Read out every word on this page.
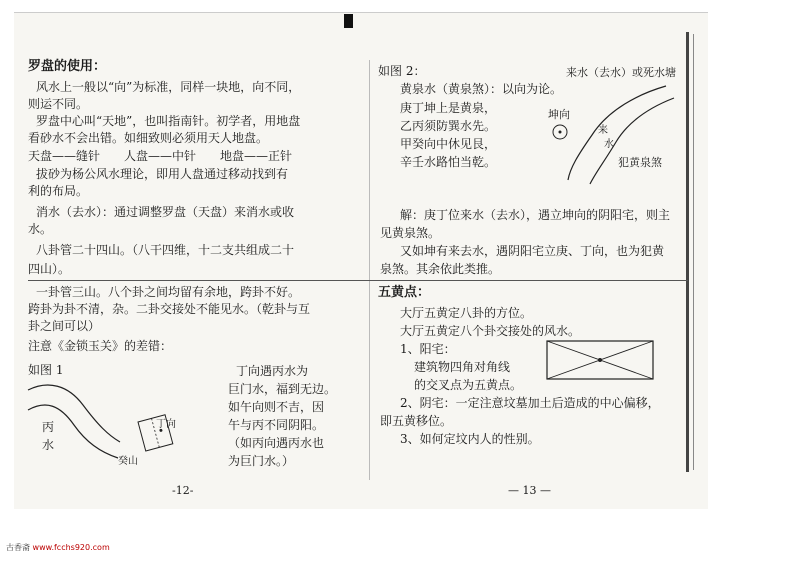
罗盘的使用：
风水上一般以“向”为标准，同样一块地，向不同，
则运不同。
罗盘中心叫“天地”，也叫指南针。初学者，用地盘
看砂水不会出错。如细致则必须用天人地盘。
天盘——缝针　　人盘——中针　　地盘——正针
拔砂为杨公风水理论，即用人盘通过移动找到有
利的布局。
消水（去水）：通过调整罗盘（天盘）来消水或收
水。
八卦管二十四山。（八干四维，十二支共组成二十
四山）。
一卦管三山。八个卦之间均留有余地，跨卦不好。
跨卦为卦不清，杂。二卦交接处不能见水。（乾卦与互
卦之间可以）
注意《金锁玉关》的差错：
如图 1
丙
水
丁向
癸山
丁向遇丙水为
巨门水，福到无边。
如午向则不吉，因
午与丙不同阴阳。
（如丙向遇丙水也
为巨门水。）
-12-
如图 2：
黄泉水（黄泉煞）：以向为论。
庚丁坤上是黄泉，
乙丙须防巽水先。
甲癸向中休见艮，
辛壬水路怕当乾。
来水（去水）或死水塘
坤向
来
水
犯黄泉煞
解：庚丁位来水（去水），遇立坤向的阴阳宅，则主
见黄泉煞。
又如坤有来去水，遇阴阳宅立庚、丁向，也为犯黄
泉煞。其余依此类推。
五黄点：
大厅五黄定八卦的方位。
大厅五黄定八个卦交接处的风水。
1、阳宅：
建筑物四角对角线
的交叉点为五黄点。
2、阴宅：一定注意坟墓加土后造成的中心偏移，
即五黄移位。
3、如何定坟内人的性别。
— 13 —
古香斋 www.fcchs920.com
